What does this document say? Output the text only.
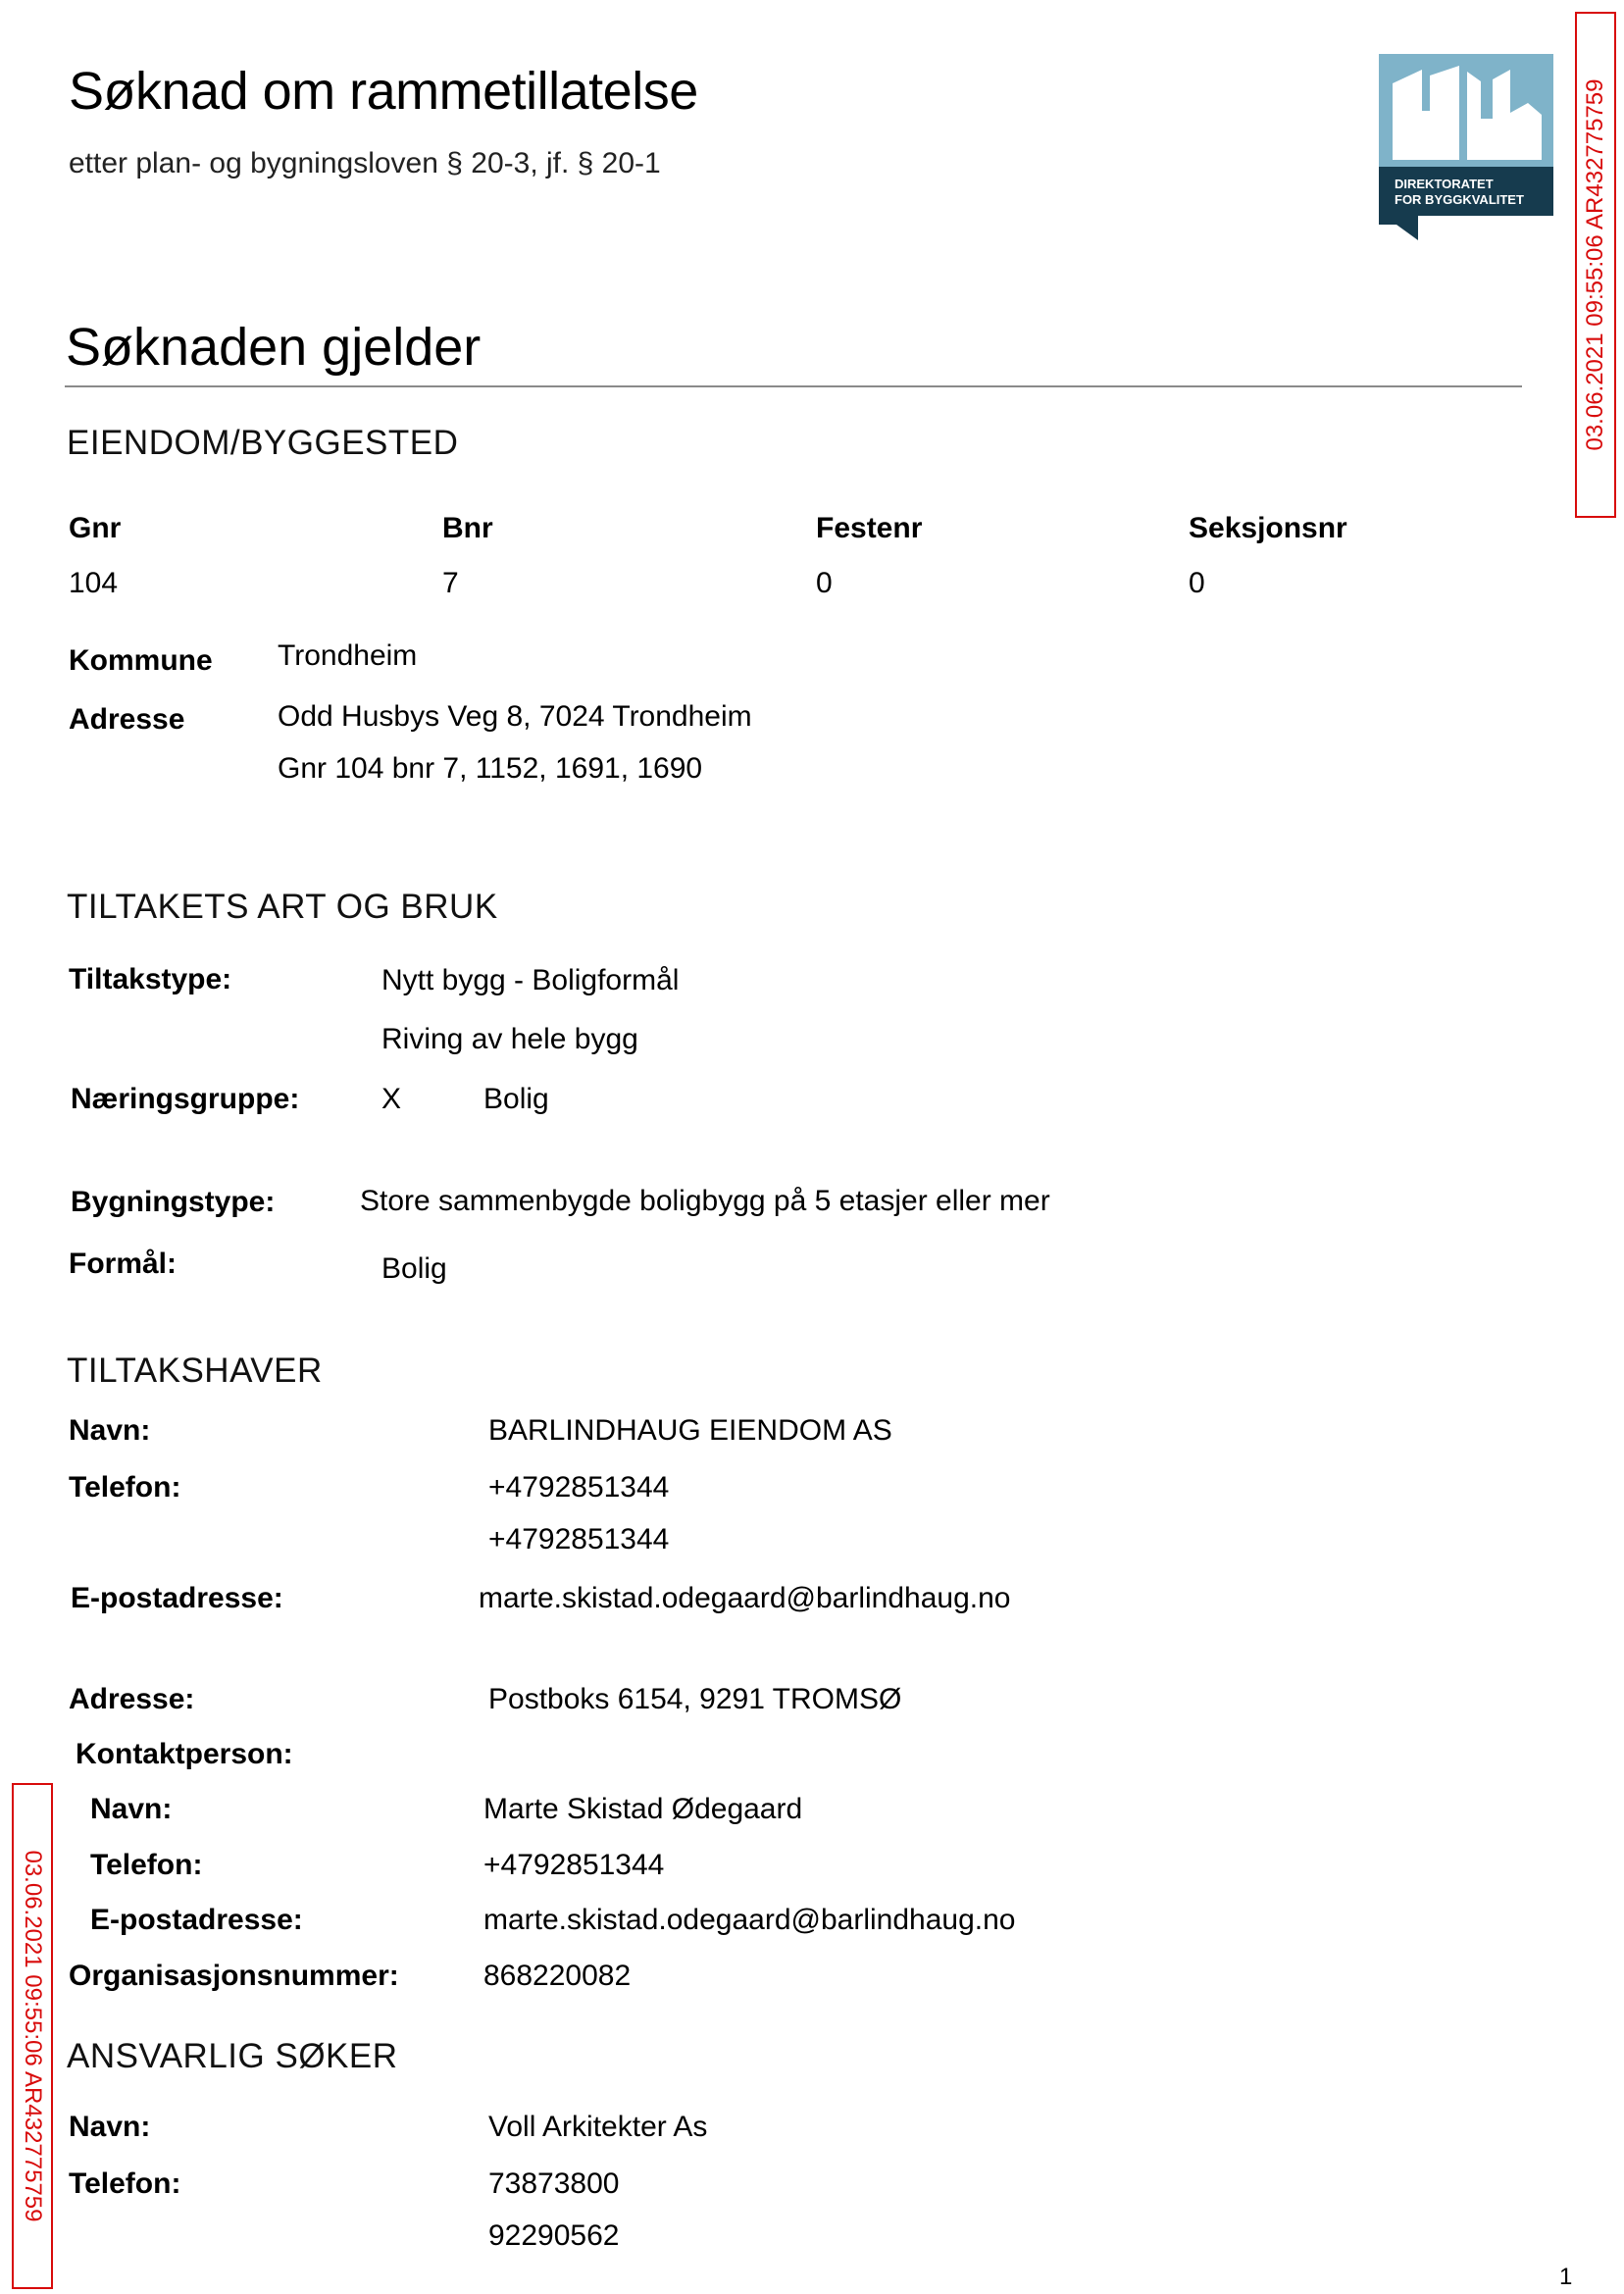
Søknad om rammetillatelse
etter plan- og bygningsloven § 20-3, jf. § 20-1
DIREKTORATET
FOR BYGGKVALITET 03.06.2021 09:55:06 AR432775759
03.06.2021 09:55:06 AR432775759
Søknaden gjelder
EIENDOM/BYGGESTED
Gnr	Bnr	Festenr	Seksjonsnr
104	7	0	0
Kommune Trondheim
Adresse	Odd Husbys Veg 8, 7024 Trondheim
Gnr 104 bnr 7, 1152, 1691, 1690
TILTAKETS ART OG BRUK
Tiltakstype:	Nytt bygg - Boligformål
Riving av hele bygg
Næringsgruppe:	X	Bolig
Bygningstype:	Store sammenbygde boligbygg på 5 etasjer eller mer
Formål:	Bolig
TILTAKSHAVER
Navn:	BARLINDHAUG EIENDOM AS
Telefon:	+4792851344
+4792851344
E-postadresse:	marte.skistad.odegaard@barlindhaug.no
Adresse:	Postboks 6154, 9291 TROMSØ
Kontaktperson:
Navn:	Marte Skistad Ødegaard
Telefon:	+4792851344
E-postadresse:	marte.skistad.odegaard@barlindhaug.no
Organisasjonsnummer:	868220082
ANSVARLIG SØKER
Navn:	Voll Arkitekter As
Telefon:	73873800
92290562
1
